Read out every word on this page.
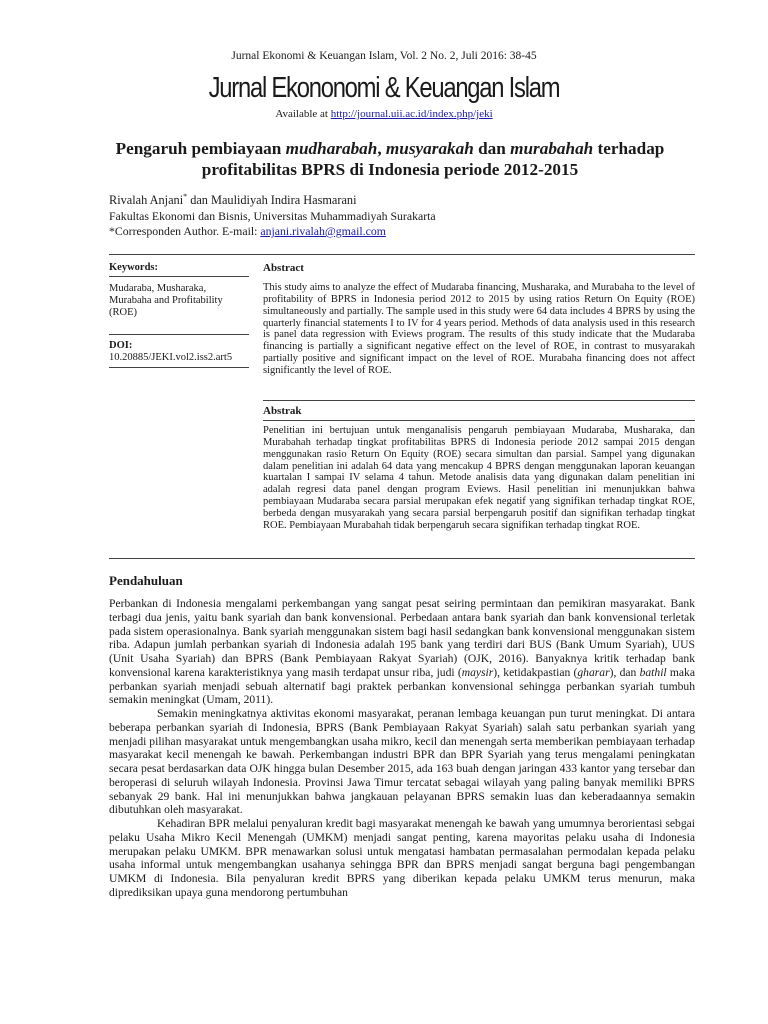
Jurnal Ekonomi & Keuangan Islam, Vol. 2 No. 2, Juli 2016: 38-45
Jurnal Ekononomi & Keuangan Islam
Available at http://journal.uii.ac.id/index.php/jeki
Pengaruh pembiayaan mudharabah, musyarakah dan murabahah terhadap profitabilitas BPRS di Indonesia periode 2012-2015
Rivalah Anjani* dan Maulidiyah Indira Hasmarani
Fakultas Ekonomi dan Bisnis, Universitas Muhammadiyah Surakarta
*Corresponden Author. E-mail: anjani.rivalah@gmail.com
Keywords:
Mudaraba, Musharaka, Murabaha and Profitability (ROE)
DOI:
10.20885/JEKI.vol2.iss2.art5
Abstract
This study aims to analyze the effect of Mudaraba financing, Musharaka, and Murabaha to the level of profitability of BPRS in Indonesia period 2012 to 2015 by using ratios Return On Equity (ROE) simultaneously and partially. The sample used in this study were 64 data includes 4 BPRS by using the quarterly financial statements I to IV for 4 years period. Methods of data analysis used in this research is panel data regression with Eviews program. The results of this study indicate that the Mudaraba financing is partially a significant negative effect on the level of ROE, in contrast to musyarakah partially positive and significant impact on the level of ROE. Murabaha financing does not affect significantly the level of ROE.
Abstrak
Penelitian ini bertujuan untuk menganalisis pengaruh pembiayaan Mudaraba, Musharaka, dan Murabahah terhadap tingkat profitabilitas BPRS di Indonesia periode 2012 sampai 2015 dengan menggunakan rasio Return On Equity (ROE) secara simultan dan parsial. Sampel yang digunakan dalam penelitian ini adalah 64 data yang mencakup 4 BPRS dengan menggunakan laporan keuangan kuartalan I sampai IV selama 4 tahun. Metode analisis data yang digunakan dalam penelitian ini adalah regresi data panel dengan program Eviews. Hasil penelitian ini menunjukkan bahwa pembiayaan Mudaraba secara parsial merupakan efek negatif yang signifikan terhadap tingkat ROE, berbeda dengan musyarakah yang secara parsial berpengaruh positif dan signifikan terhadap tingkat ROE. Pembiayaan Murabahah tidak berpengaruh secara signifikan terhadap tingkat ROE.
Pendahuluan

Perbankan di Indonesia mengalami perkembangan yang sangat pesat seiring permintaan dan pemikiran masyarakat. Bank terbagi dua jenis, yaitu bank syariah dan bank konvensional. Perbedaan antara bank syariah dan bank konvensional terletak pada sistem operasionalnya. Bank syariah menggunakan sistem bagi hasil sedangkan bank konvensional menggunakan sistem riba. Adapun jumlah perbankan syariah di Indonesia adalah 195 bank yang terdiri dari BUS (Bank Umum Syariah), UUS (Unit Usaha Syariah) dan BPRS (Bank Pembiayaan Rakyat Syariah) (OJK, 2016). Banyaknya kritik terhadap bank konvensional karena karakteristiknya yang masih terdapat unsur riba, judi (maysir), ketidakpastian (gharar), dan bathil maka perbankan syariah menjadi sebuah alternatif bagi praktek perbankan konvensional sehingga perbankan syariah tumbuh semakin meningkat (Umam, 2011).

Semakin meningkatnya aktivitas ekonomi masyarakat, peranan lembaga keuangan pun turut meningkat. Di antara beberapa perbankan syariah di Indonesia, BPRS (Bank Pembiayaan Rakyat Syariah) salah satu perbankan syariah yang menjadi pilihan masyarakat untuk mengembangkan usaha mikro, kecil dan menengah serta memberikan pembiayaan terhadap masyarakat kecil menengah ke bawah. Perkembangan industri BPR dan BPR Syariah yang terus mengalami peningkatan secara pesat berdasarkan data OJK hingga bulan Desember 2015, ada 163 buah dengan jaringan 433 kantor yang tersebar dan beroperasi di seluruh wilayah Indonesia. Provinsi Jawa Timur tercatat sebagai wilayah yang paling banyak memiliki BPRS sebanyak 29 bank. Hal ini menunjukkan bahwa jangkauan pelayanan BPRS semakin luas dan keberadaannya semakin dibutuhkan oleh masyarakat.

Kehadiran BPR melalui penyaluran kredit bagi masyarakat menengah ke bawah yang umumnya berorientasi sebgai pelaku Usaha Mikro Kecil Menengah (UMKM) menjadi sangat penting, karena mayoritas pelaku usaha di Indonesia merupakan pelaku UMKM. BPR menawarkan solusi untuk mengatasi hambatan permasalahan permodalan kepada pelaku usaha informal untuk mengembangkan usahanya sehingga BPR dan BPRS menjadi sangat berguna bagi pengembangan UMKM di Indonesia. Bila penyaluran kredit BPRS yang diberikan kepada pelaku UMKM terus menurun, maka diprediksikan upaya guna mendorong pertumbuhan
